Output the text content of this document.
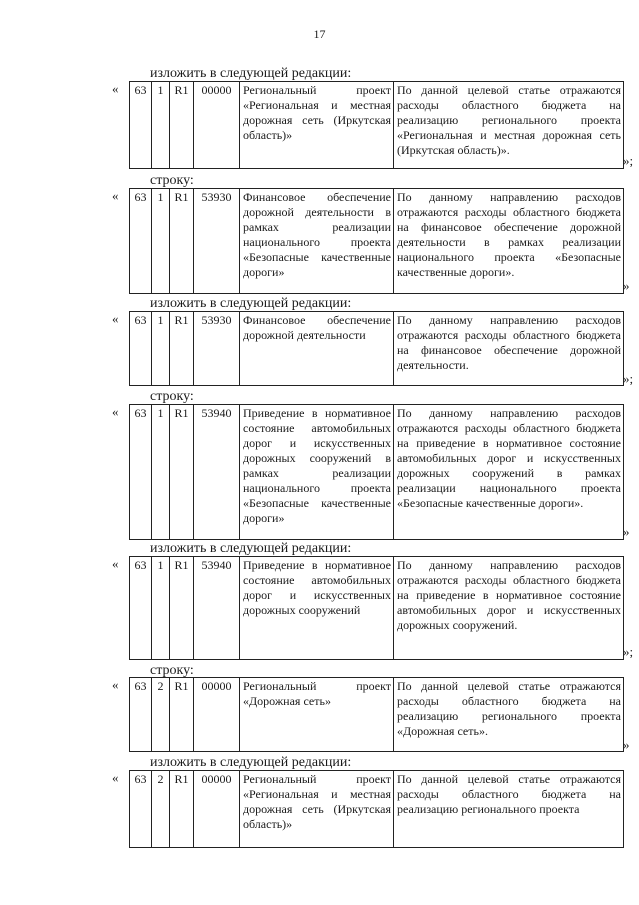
17
изложить в следующей редакции:
« 63	1	R1	00000	Региональный проект «Региональная и местная дорожная сеть (Иркутская область)»	По данной целевой статье отражаются расходы областного бюджета на реализацию регионального проекта «Региональная и местная дорожная сеть (Иркутская область)».
»;
строку:
« 63	1	R1	53930	Финансовое обеспечение дорожной деятельности в рамках реализации национального проекта «Безопасные качественные дороги»	По данному направлению расходов отражаются расходы областного бюджета на финансовое обеспечение дорожной деятельности в рамках реализации национального проекта «Безопасные качественные дороги».
»
изложить в следующей редакции:
« 63	1	R1	53930	Финансовое обеспечение дорожной деятельности	По данному направлению расходов отражаются расходы областного бюджета на финансовое обеспечение дорожной деятельности.
»;
строку:
« 63	1	R1	53940	Приведение в нормативное состояние автомобильных дорог и искусственных дорожных сооружений в рамках реализации национального проекта «Безопасные качественные дороги»	По данному направлению расходов отражаются расходы областного бюджета на приведение в нормативное состояние автомобильных дорог и искусственных дорожных сооружений в рамках реализации национального проекта «Безопасные качественные дороги».
»
изложить в следующей редакции:
« 63	1	R1	53940	Приведение в нормативное состояние автомобильных дорог и искусственных дорожных сооружений	По данному направлению расходов отражаются расходы областного бюджета на приведение в нормативное состояние автомобильных дорог и искусственных дорожных сооружений.
»;
строку:
« 63	2	R1	00000	Региональный проект «Дорожная сеть»	По данной целевой статье отражаются расходы областного бюджета на реализацию регионального проекта «Дорожная сеть».
»
изложить в следующей редакции:
« 63	2	R1	00000	Региональный проект «Региональная и местная дорожная сеть (Иркутская область)»	По данной целевой статье отражаются расходы областного бюджета на реализацию регионального проекта
